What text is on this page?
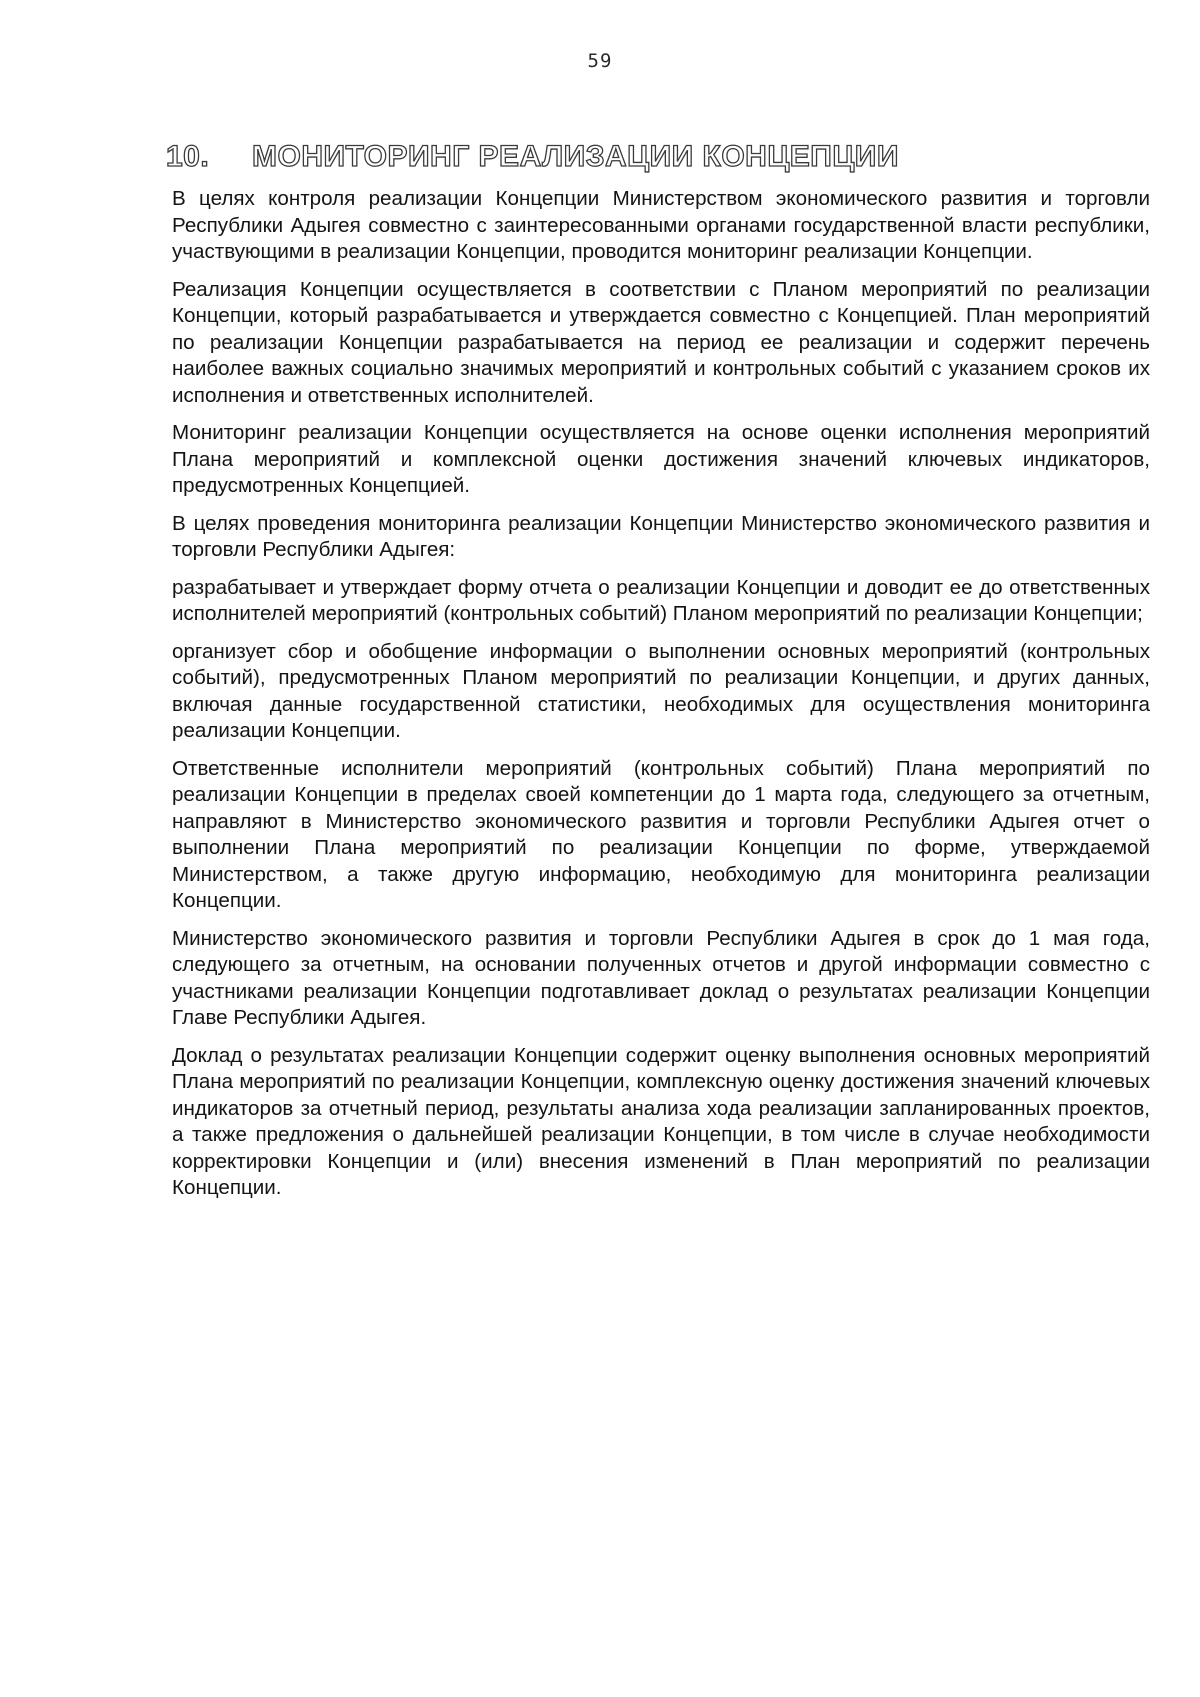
59
10. МОНИТОРИНГ РЕАЛИЗАЦИИ КОНЦЕПЦИИ

В целях контроля реализации Концепции Министерством экономического развития и торговли Республики Адыгея совместно с заинтересованными органами государственной власти республики, участвующими в реализации Концепции, проводится мониторинг реализации Концепции.

Реализация Концепции осуществляется в соответствии с Планом мероприятий по реализации Концепции, который разрабатывается и утверждается совместно с Концепцией. План мероприятий по реализации Концепции разрабатывается на период ее реализации и содержит перечень наиболее важных социально значимых мероприятий и контрольных событий с указанием сроков их исполнения и ответственных исполнителей.

Мониторинг реализации Концепции осуществляется на основе оценки исполнения мероприятий Плана мероприятий и комплексной оценки достижения значений ключевых индикаторов, предусмотренных Концепцией.

В целях проведения мониторинга реализации Концепции Министерство экономического развития и торговли Республики Адыгея:

разрабатывает и утверждает форму отчета о реализации Концепции и доводит ее до ответственных исполнителей мероприятий (контрольных событий) Планом мероприятий по реализации Концепции;

организует сбор и обобщение информации о выполнении основных мероприятий (контрольных событий), предусмотренных Планом мероприятий по реализации Концепции, и других данных, включая данные государственной статистики, необходимых для осуществления мониторинга реализации Концепции.

Ответственные исполнители мероприятий (контрольных событий) Плана мероприятий по реализации Концепции в пределах своей компетенции до 1 марта года, следующего за отчетным, направляют в Министерство экономического развития и торговли Республики Адыгея отчет о выполнении Плана мероприятий по реализации Концепции по форме, утверждаемой Министерством, а также другую информацию, необходимую для мониторинга реализации Концепции.

Министерство экономического развития и торговли Республики Адыгея в срок до 1 мая года, следующего за отчетным, на основании полученных отчетов и другой информации совместно с участниками реализации Концепции подготавливает доклад о результатах реализации Концепции Главе Республики Адыгея.

Доклад о результатах реализации Концепции содержит оценку выполнения основных мероприятий Плана мероприятий по реализации Концепции, комплексную оценку достижения значений ключевых индикаторов за отчетный период, результаты анализа хода реализации запланированных проектов, а также предложения о дальнейшей реализации Концепции, в том числе в случае необходимости корректировки Концепции и (или) внесения изменений в План мероприятий по реализации Концепции.
